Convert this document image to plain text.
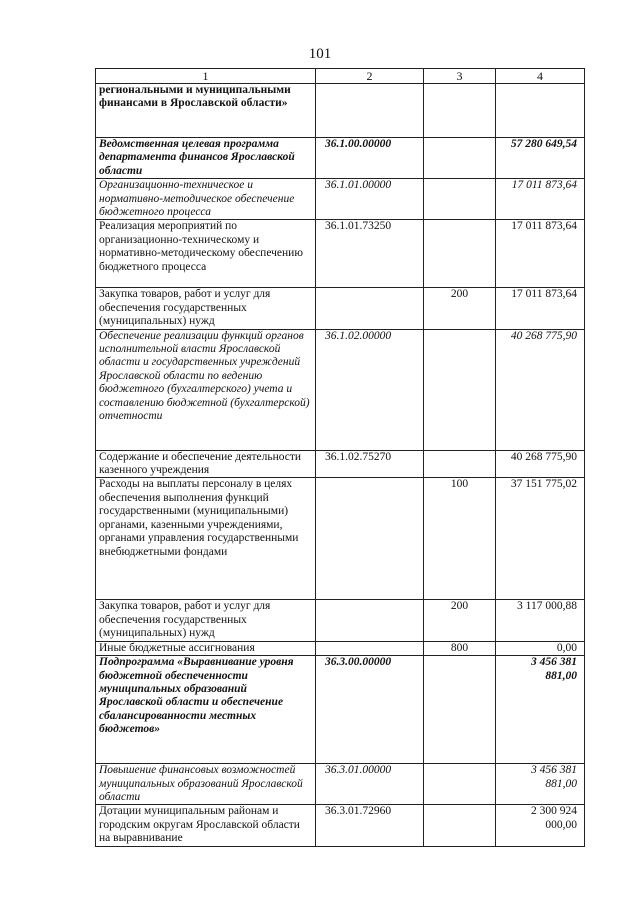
101
1	2	3	4
региональными и муниципальными финансами в Ярославской области»			
Ведомственная целевая программа департамента финансов Ярославской области	36.1.00.00000		57 280 649,54
Организационно-техническое и нормативно-методическое обеспечение бюджетного процесса	36.1.01.00000		17 011 873,64
Реализация мероприятий по организационно-техническому и нормативно-методическому обеспечению бюджетного процесса	36.1.01.73250		17 011 873,64
Закупка товаров, работ и услуг для обеспечения государственных (муниципальных) нужд		200	17 011 873,64
Обеспечение реализации функций органов исполнительной власти Ярославской области и государственных учреждений Ярославской области по ведению бюджетного (бухгалтерского) учета и составлению бюджетной (бухгалтерской) отчетности	36.1.02.00000		40 268 775,90
Содержание и обеспечение деятельности казенного учреждения	36.1.02.75270		40 268 775,90
Расходы на выплаты персоналу в целях обеспечения выполнения функций государственными (муниципальными) органами, казенными учреждениями, органами управления государственными внебюджетными фондами		100	37 151 775,02
Закупка товаров, работ и услуг для обеспечения государственных (муниципальных) нужд		200	3 117 000,88
Иные бюджетные ассигнования		800	0,00
Подпрограмма «Выравнивание уровня бюджетной обеспеченности муниципальных образований Ярославской области и обеспечение сбалансированности местных бюджетов»	36.3.00.00000		3 456 381 881,00
Повышение финансовых возможностей муниципальных образований Ярославской области	36.3.01.00000		3 456 381 881,00
Дотации муниципальным районам и городским округам Ярославской области на выравнивание	36.3.01.72960		2 300 924 000,00
